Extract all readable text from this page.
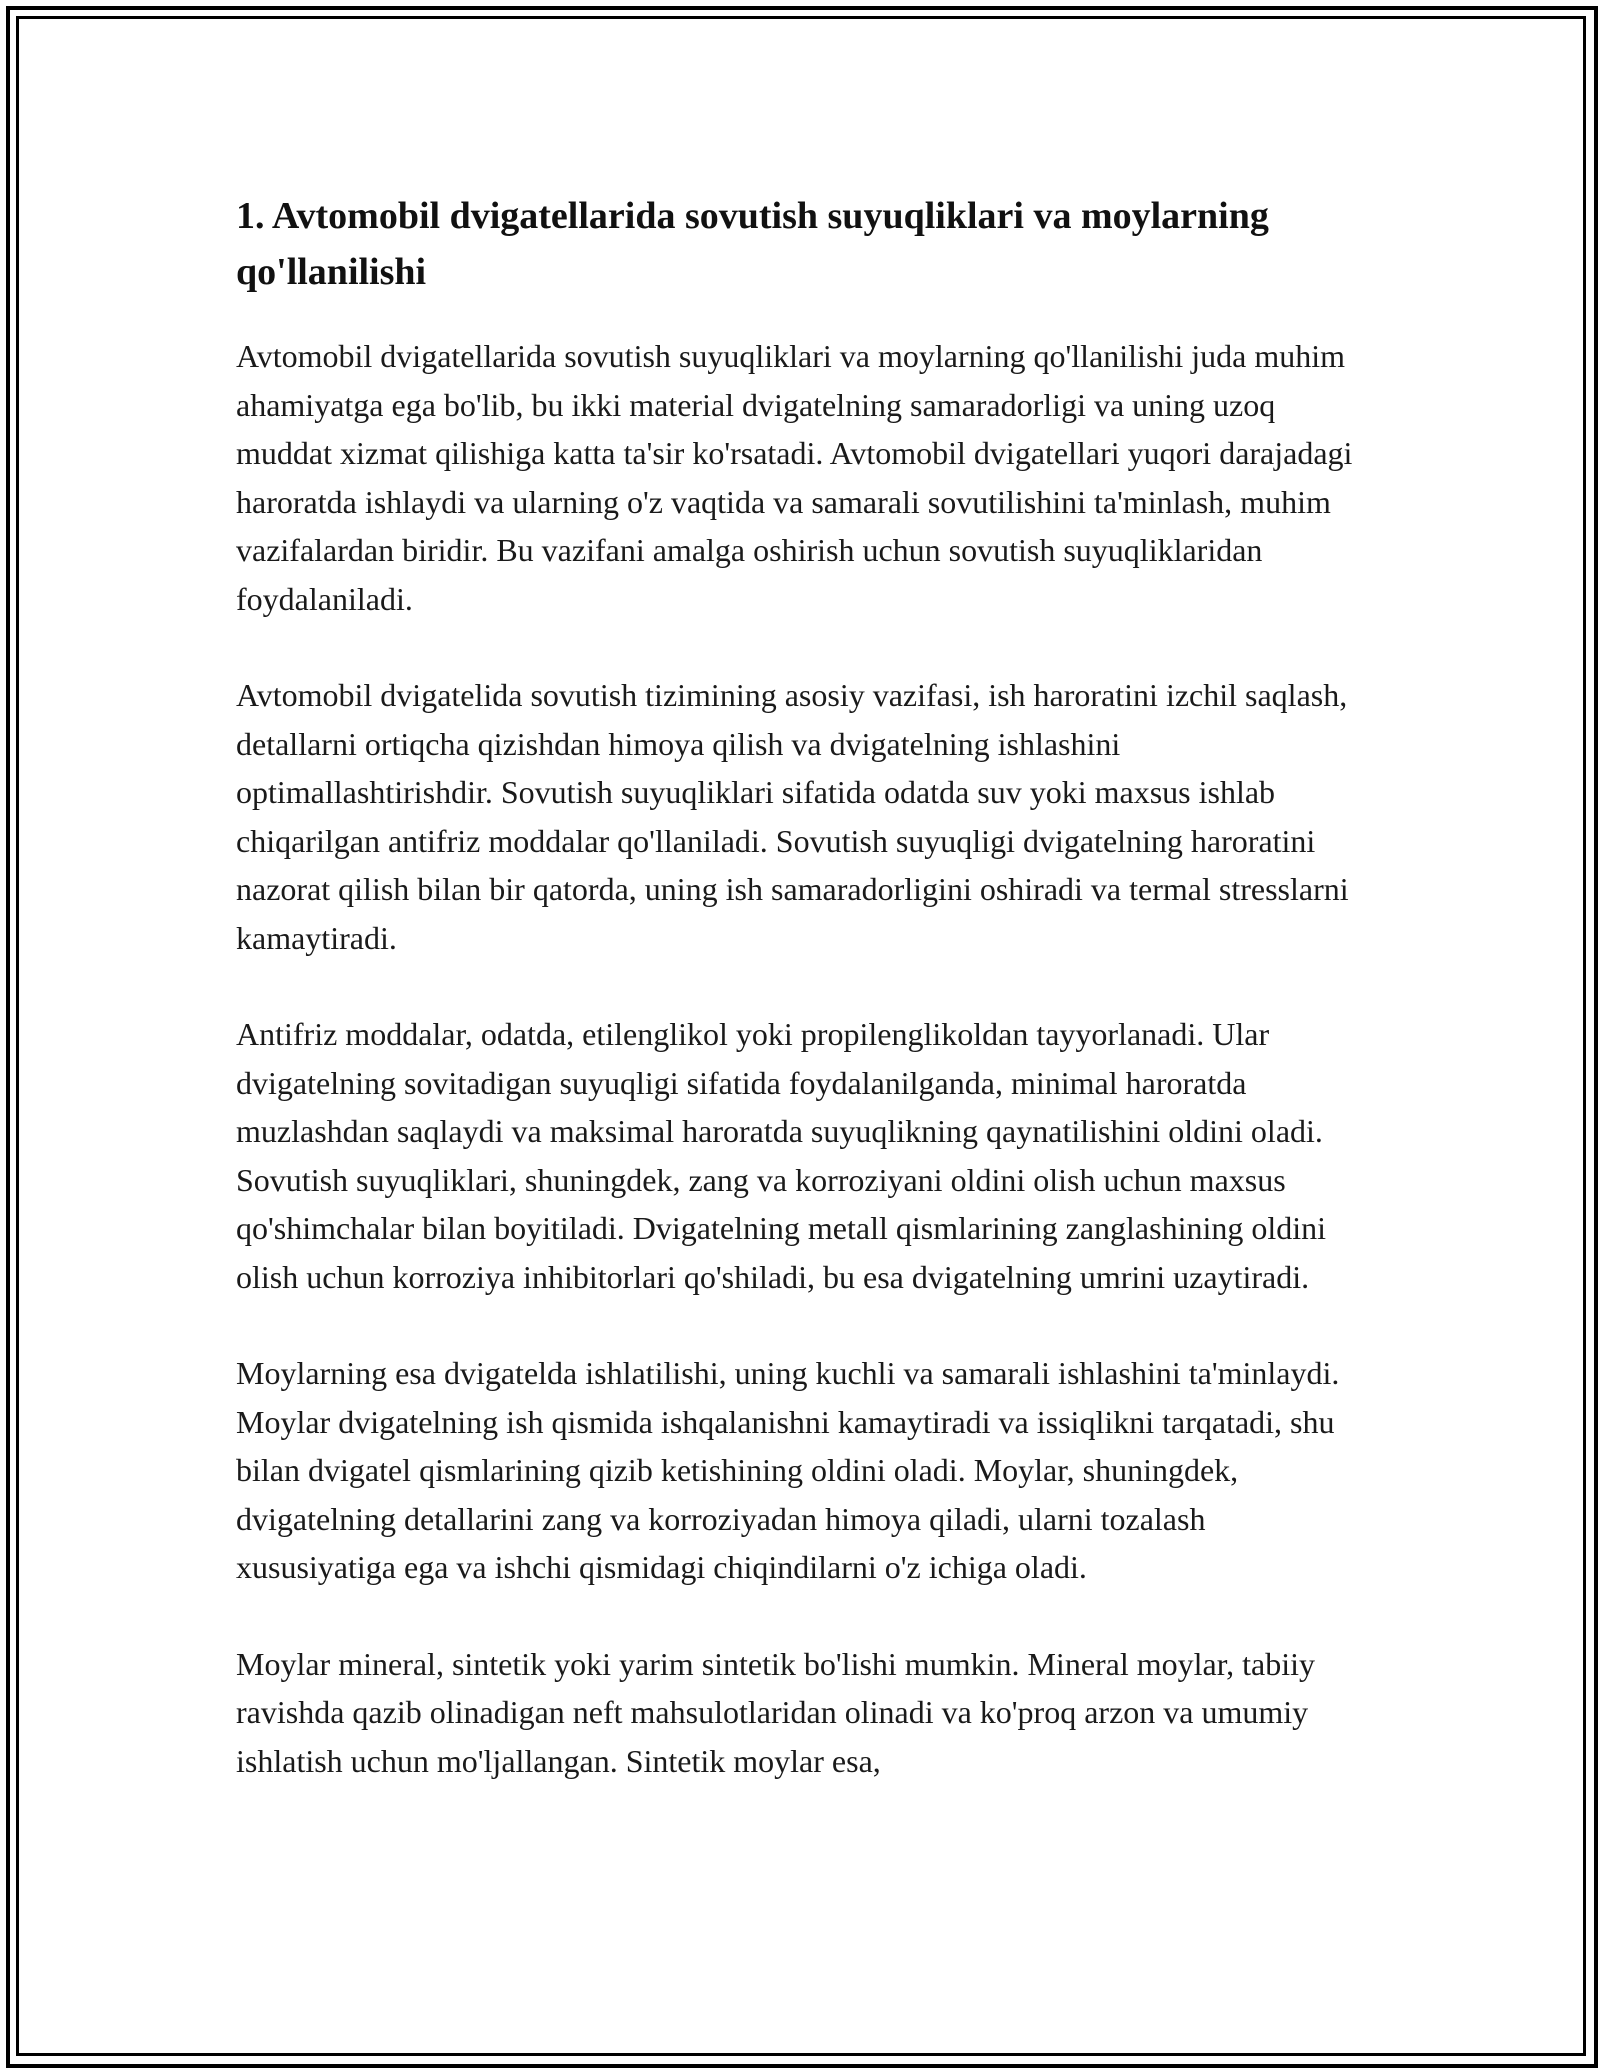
1. Avtomobil dvigatellarida sovutish suyuqliklari va moylarning qo'llanilishi

Avtomobil dvigatellarida sovutish suyuqliklari va moylarning qo'llanilishi juda muhim ahamiyatga ega bo'lib, bu ikki material dvigatelning samaradorligi va uning uzoq muddat xizmat qilishiga katta ta'sir ko'rsatadi. Avtomobil dvigatellari yuqori darajadagi haroratda ishlaydi va ularning o'z vaqtida va samarali sovutilishini ta'minlash, muhim vazifalardan biridir. Bu vazifani amalga oshirish uchun sovutish suyuqliklaridan foydalaniladi.

Avtomobil dvigatelida sovutish tizimining asosiy vazifasi, ish haroratini izchil saqlash, detallarni ortiqcha qizishdan himoya qilish va dvigatelning ishlashini optimallashtirishdir. Sovutish suyuqliklari sifatida odatda suv yoki maxsus ishlab chiqarilgan antifriz moddalar qo'llaniladi. Sovutish suyuqligi dvigatelning haroratini nazorat qilish bilan bir qatorda, uning ish samaradorligini oshiradi va termal stresslarni kamaytiradi.

Antifriz moddalar, odatda, etilenglikol yoki propilenglikoldan tayyorlanadi. Ular dvigatelning sovitadigan suyuqligi sifatida foydalanilganda, minimal haroratda muzlashdan saqlaydi va maksimal haroratda suyuqlikning qaynatilishini oldini oladi. Sovutish suyuqliklari, shuningdek, zang va korroziyani oldini olish uchun maxsus qo'shimchalar bilan boyitiladi. Dvigatelning metall qismlarining zanglashining oldini olish uchun korroziya inhibitorlari qo'shiladi, bu esa dvigatelning umrini uzaytiradi.

Moylarning esa dvigatelda ishlatilishi, uning kuchli va samarali ishlashini ta'minlaydi. Moylar dvigatelning ish qismida ishqalanishni kamaytiradi va issiqlikni tarqatadi, shu bilan dvigatel qismlarining qizib ketishining oldini oladi. Moylar, shuningdek, dvigatelning detallarini zang va korroziyadan himoya qiladi, ularni tozalash xususiyatiga ega va ishchi qismidagi chiqindilarni o'z ichiga oladi.

Moylar mineral, sintetik yoki yarim sintetik bo'lishi mumkin. Mineral moylar, tabiiy ravishda qazib olinadigan neft mahsulotlaridan olinadi va ko'proq arzon va umumiy ishlatish uchun mo'ljallangan. Sintetik moylar esa,
